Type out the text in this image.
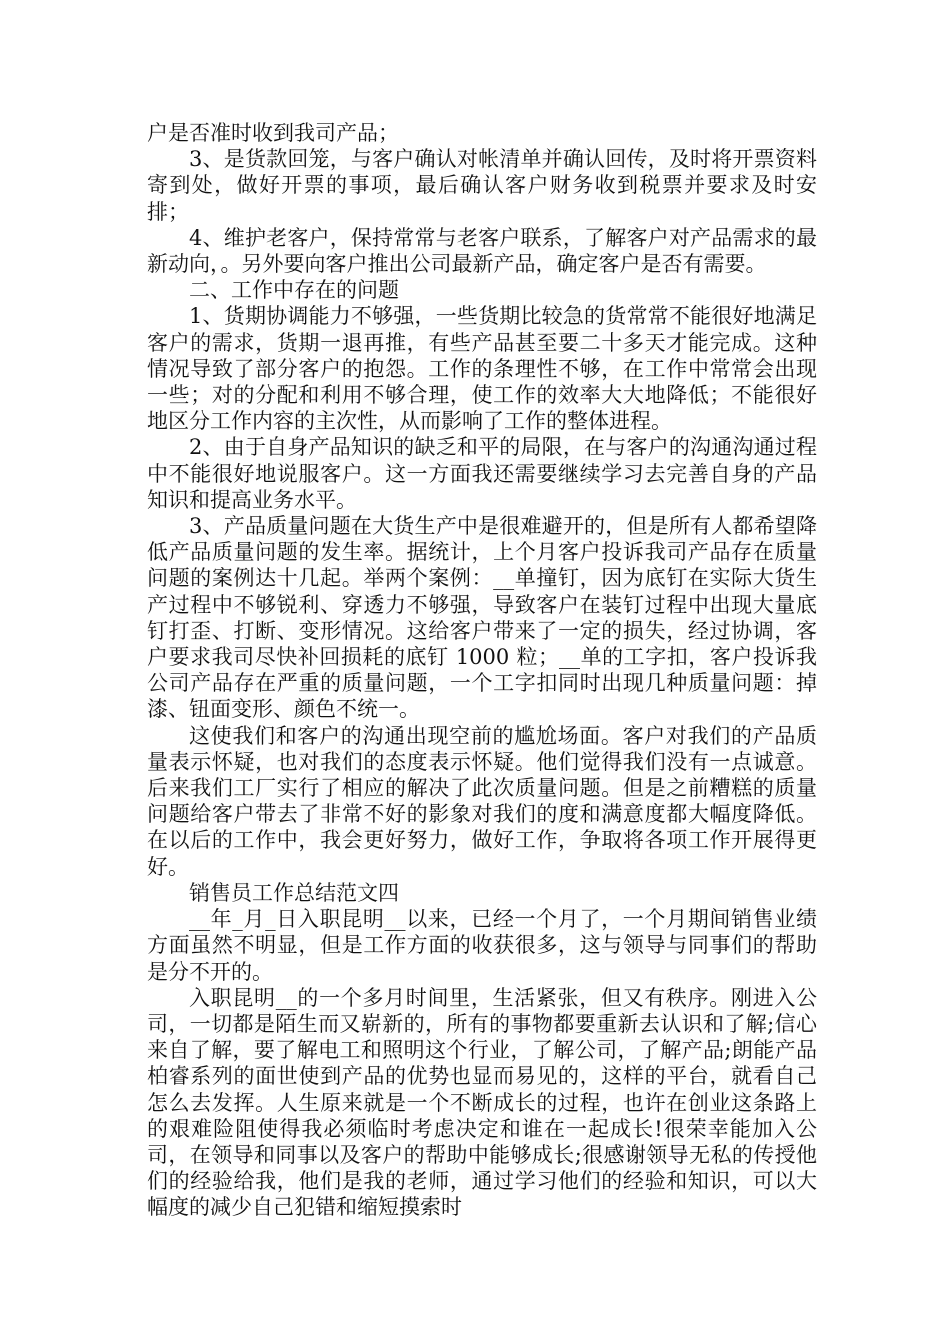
户是否准时收到我司产品；

3、是货款回笼，与客户确认对帐清单并确认回传，及时将开票资料寄到处，做好开票的事项，最后确认客户财务收到税票并要求及时安排；

4、维护老客户，保持常常与老客户联系，了解客户对产品需求的最新动向，。另外要向客户推出公司最新产品，确定客户是否有需要。

二、工作中存在的问题

1、货期协调能力不够强，一些货期比较急的货常常不能很好地满足客户的需求，货期一退再推，有些产品甚至要二十多天才能完成。这种情况导致了部分客户的抱怨。工作的条理性不够，在工作中常常会出现一些；对的分配和利用不够合理，使工作的效率大大地降低；不能很好地区分工作内容的主次性，从而影响了工作的整体进程。

2、由于自身产品知识的缺乏和平的局限，在与客户的沟通沟通过程中不能很好地说服客户。这一方面我还需要继续学习去完善自身的产品知识和提高业务水平。

3、产品质量问题在大货生产中是很难避开的，但是所有人都希望降低产品质量问题的发生率。据统计，上个月客户投诉我司产品存在质量问题的案例达十几起。举两个案例：__单撞钉，因为底钉在实际大货生产过程中不够锐利、穿透力不够强，导致客户在装钉过程中出现大量底钉打歪、打断、变形情况。这给客户带来了一定的损失，经过协调，客户要求我司尽快补回损耗的底钉 1000 粒；__单的工字扣，客户投诉我公司产品存在严重的质量问题，一个工字扣同时出现几种质量问题：掉漆、钮面变形、颜色不统一。

这使我们和客户的沟通出现空前的尴尬场面。客户对我们的产品质量表示怀疑，也对我们的态度表示怀疑。他们觉得我们没有一点诚意。后来我们工厂实行了相应的解决了此次质量问题。但是之前糟糕的质量问题给客户带去了非常不好的影象对我们的度和满意度都大幅度降低。在以后的工作中，我会更好努力，做好工作，争取将各项工作开展得更好。

销售员工作总结范文四

__年_月_日入职昆明__以来，已经一个月了，一个月期间销售业绩方面虽然不明显，但是工作方面的收获很多，这与领导与同事们的帮助是分不开的。

入职昆明__的一个多月时间里，生活紧张，但又有秩序。刚进入公司，一切都是陌生而又崭新的，所有的事物都要重新去认识和了解;信心来自了解，要了解电工和照明这个行业，了解公司，了解产品;朗能产品柏睿系列的面世使到产品的优势也显而易见的，这样的平台，就看自己怎么去发挥。人生原来就是一个不断成长的过程，也许在创业这条路上的艰难险阻使得我必须临时考虑决定和谁在一起成长!很荣幸能加入公司，在领导和同事以及客户的帮助中能够成长;很感谢领导无私的传授他们的经验给我，他们是我的老师，通过学习他们的经验和知识，可以大幅度的减少自己犯错和缩短摸索时
